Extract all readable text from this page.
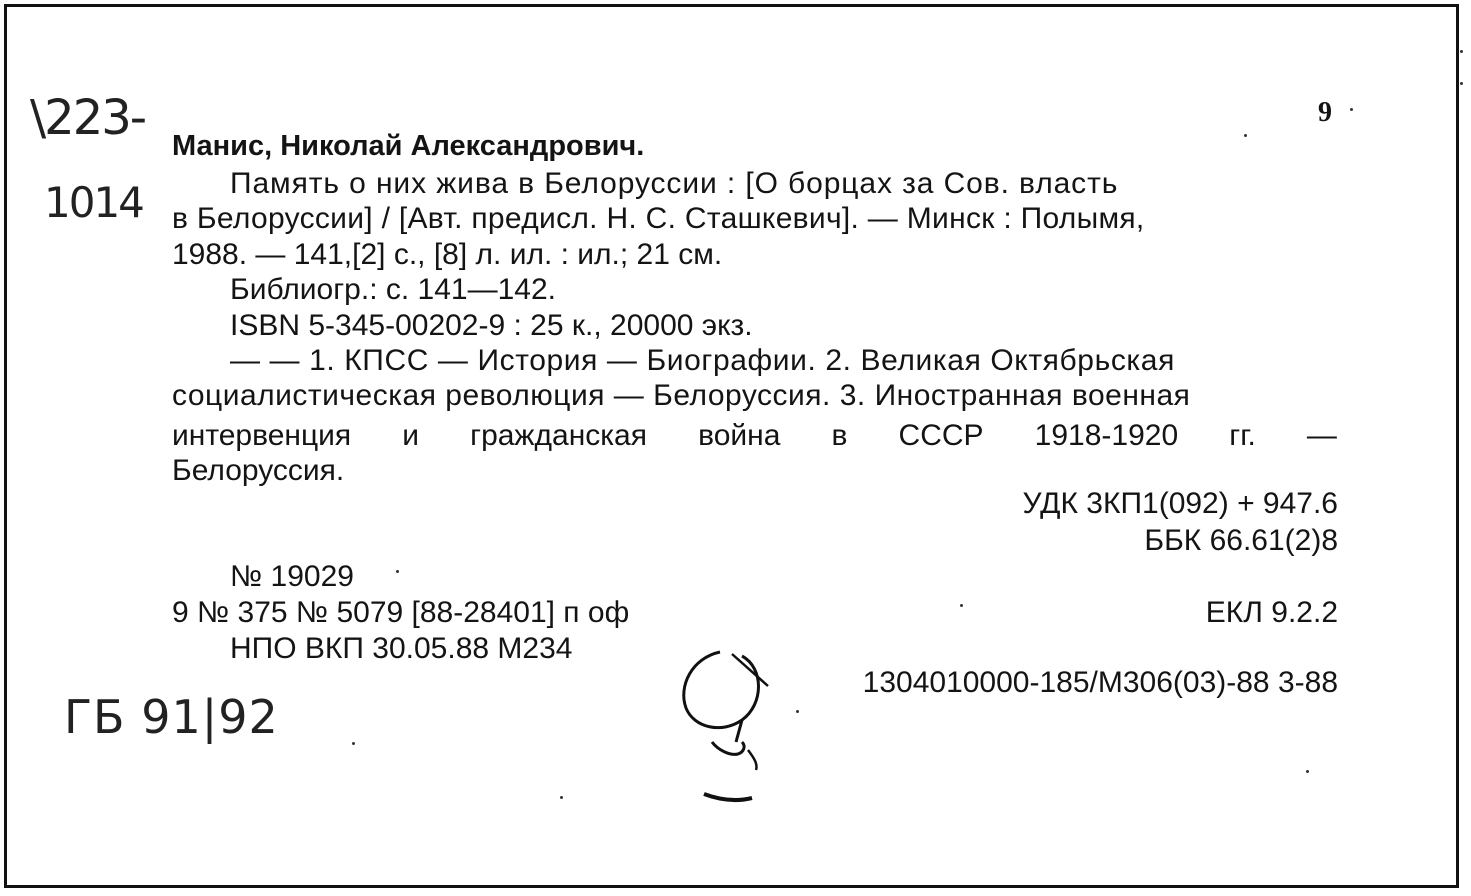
\223-
1014
ГБ 91|92
9
Манис, Николай Александрович.
Память о них жива в Белоруссии : [О борцах за Сов. власть
в Белоруссии] / [Авт. предисл. Н. С. Сташкевич]. — Минск : Полымя,
1988. — 141,[2] с., [8] л. ил. : ил.; 21 см.
Библиогр.: с. 141—142.
ISBN 5-345-00202-9 : 25 к., 20000 экз.
— — 1. КПСС — История — Биографии. 2. Великая Октябрьская
социалистическая революция — Белоруссия. 3. Иностранная военная
интервенция и гражданская война в СССР 1918-1920 гг. —
Белоруссия.
УДК 3КП1(092) + 947.6
ББК 66.61(2)8
№ 19029
9 № 375 № 5079 [88-28401] п оф	ЕКЛ 9.2.2
НПО ВКП 30.05.88 М234
1304010000-185/М306(03)-88 3-88
